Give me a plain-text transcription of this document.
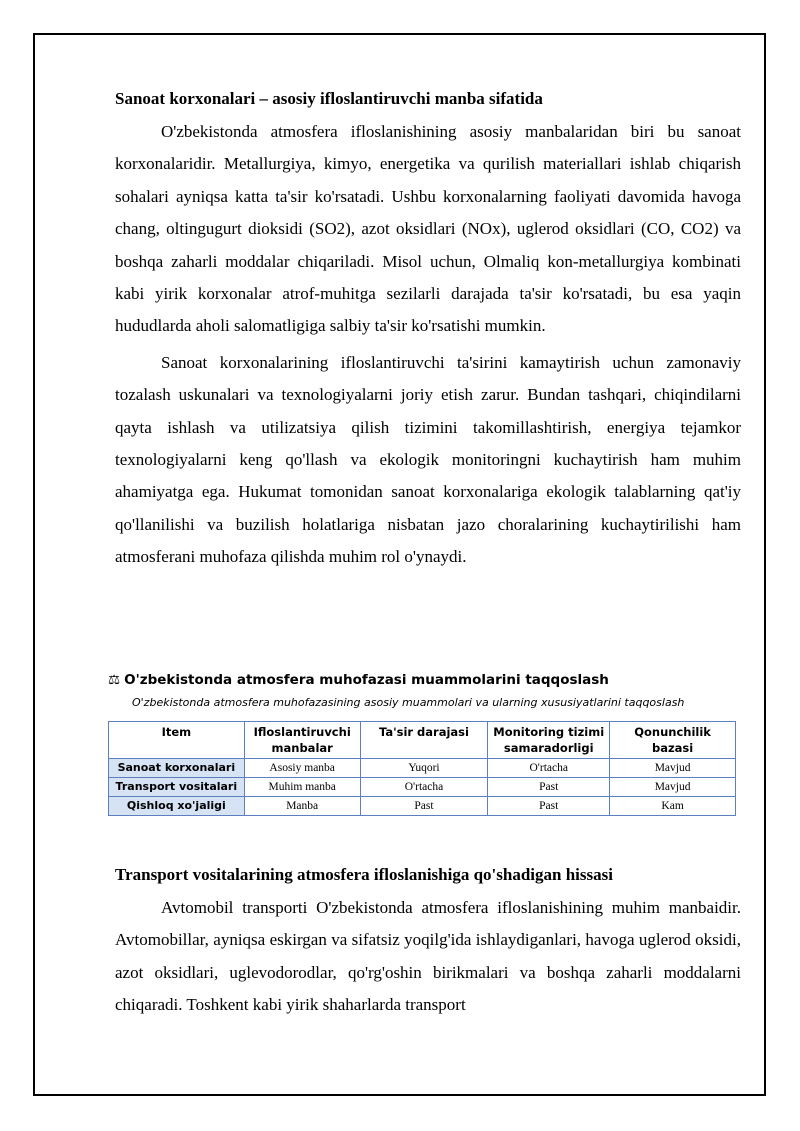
Sanoat korxonalari – asosiy ifloslantiruvchi manba sifatida

O'zbekistonda atmosfera ifloslanishining asosiy manbalaridan biri bu sanoat korxonalaridir. Metallurgiya, kimyo, energetika va qurilish materiallari ishlab chiqarish sohalari ayniqsa katta ta'sir ko'rsatadi. Ushbu korxonalarning faoliyati davomida havoga chang, oltingugurt dioksidi (SO2), azot oksidlari (NOx), uglerod oksidlari (CO, CO2) va boshqa zaharli moddalar chiqariladi. Misol uchun, Olmaliq kon-metallurgiya kombinati kabi yirik korxonalar atrof-muhitga sezilarli darajada ta'sir ko'rsatadi, bu esa yaqin hududlarda aholi salomatligiga salbiy ta'sir ko'rsatishi mumkin.

Sanoat korxonalarining ifloslantiruvchi ta'sirini kamaytirish uchun zamonaviy tozalash uskunalari va texnologiyalarni joriy etish zarur. Bundan tashqari, chiqindilarni qayta ishlash va utilizatsiya qilish tizimini takomillashtirish, energiya tejamkor texnologiyalarni keng qo'llash va ekologik monitoringni kuchaytirish ham muhim ahamiyatga ega. Hukumat tomonidan sanoat korxonalariga ekologik talablarning qat'iy qo'llanilishi va buzilish holatlariga nisbatan jazo choralarining kuchaytirilishi ham atmosferani muhofaza qilishda muhim rol o'ynaydi.

⚖ O'zbekistonda atmosfera muhofazasi muammolarini taqqoslash

O'zbekistonda atmosfera muhofazasining asosiy muammolari va ularning xususiyatlarini taqqoslash

Item	Ifloslantiruvchi manbalar	Ta'sir darajasi	Monitoring tizimi samaradorligi	Qonunchilik bazasi
Sanoat korxonalari	Asosiy manba	Yuqori	O'rtacha	Mavjud
Transport vositalari	Muhim manba	O'rtacha	Past	Mavjud
Qishloq xo'jaligi	Manba	Past	Past	Kam

Transport vositalarining atmosfera ifloslanishiga qo'shadigan hissasi

Avtomobil transporti O'zbekistonda atmosfera ifloslanishining muhim manbaidir. Avtomobillar, ayniqsa eskirgan va sifatsiz yoqilg'ida ishlaydiganlari, havoga uglerod oksidi, azot oksidlari, uglevodorodlar, qo'rg'oshin birikmalari va boshqa zaharli moddalarni chiqaradi. Toshkent kabi yirik shaharlarda transport
